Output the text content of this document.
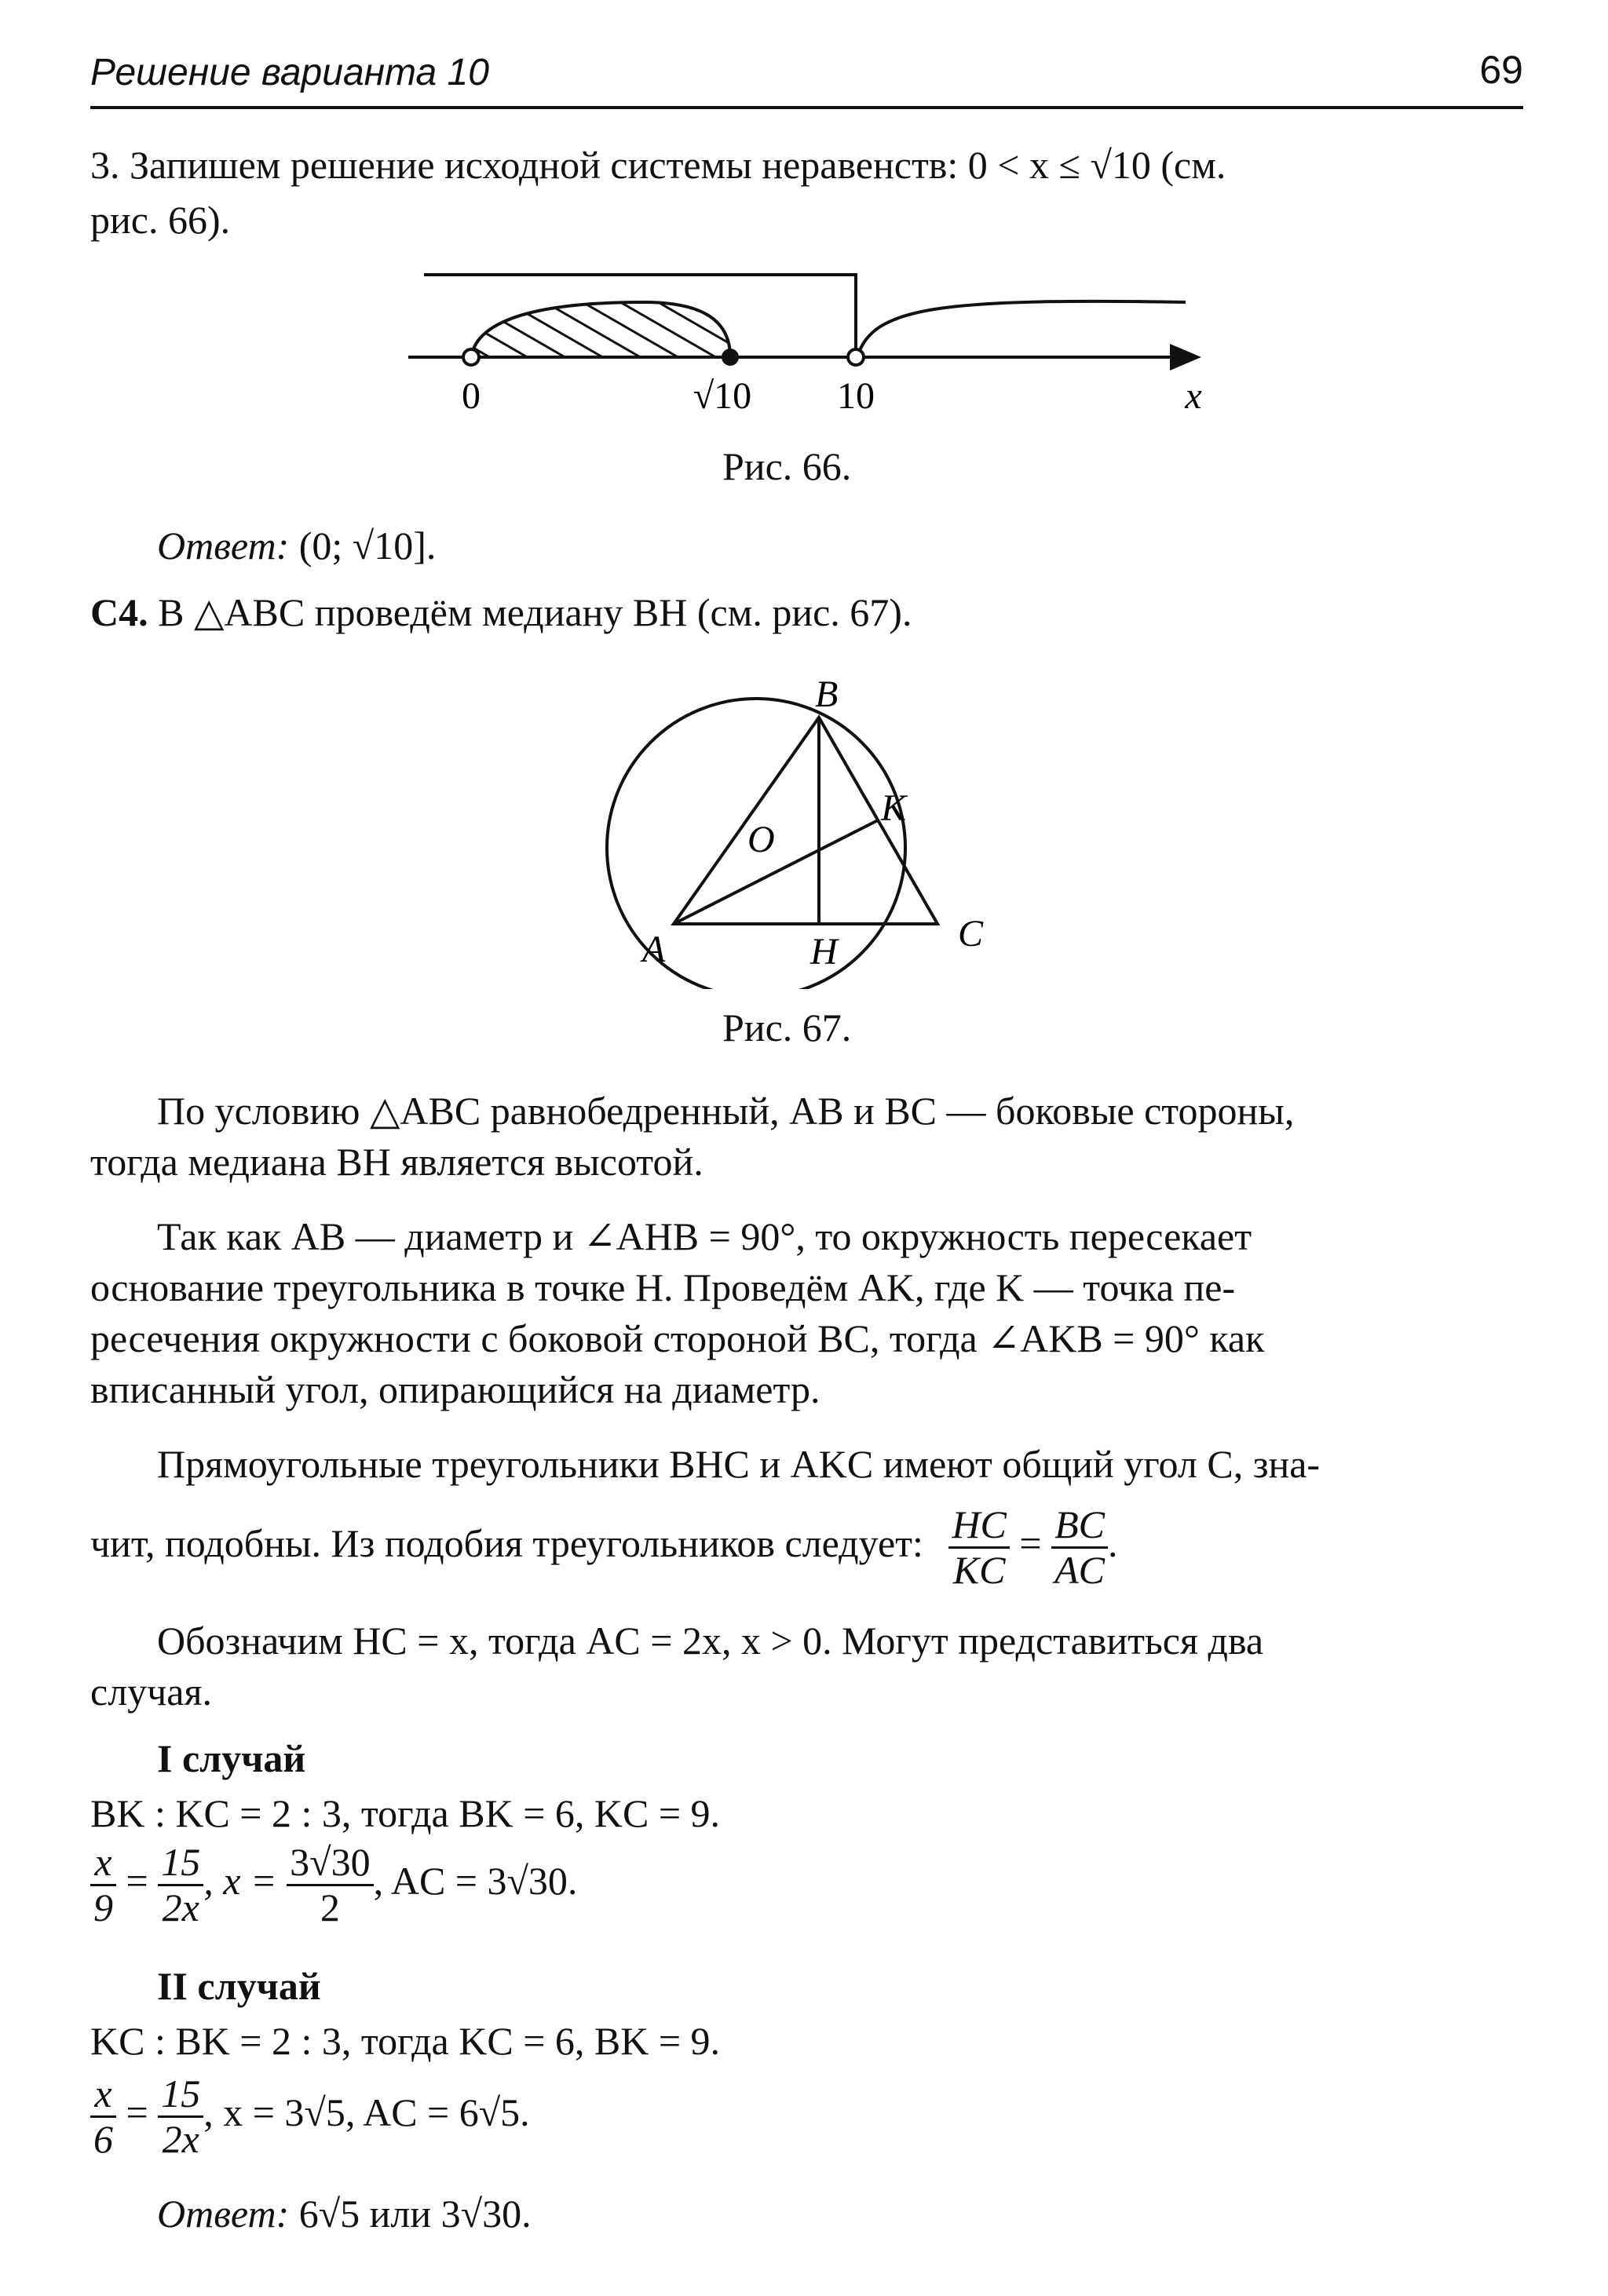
Решение варианта 10	69
3. Запишем решение исходной системы неравенств: 0 < x ≤ √10 (см.
рис. 66).
0	√10 10	x
Рис. 66.
Ответ: (0; √10].
С4. В △ABC проведём медиану BH (см. рис. 67).
B
K
O
A	H	C
Рис. 67.
По условию △ABC равнобедренный, AB и BC — боковые стороны,
тогда медиана BH является высотой.
Так как AB — диаметр и ∠AHB = 90°, то окружность пересекает
основание треугольника в точке H. Проведём AK, где K — точка пе-
ресечения окружности с боковой стороной BC, тогда ∠AKB = 90° как
вписанный угол, опирающийся на диаметр.
Прямоугольные треугольники BHC и AKC имеют общий угол C, зна-
чит, подобны. Из подобия треугольников следует: $\frac{HC}{KC} = \frac{BC}{AC}$ .
Обозначим HC = x, тогда AC = 2x, x > 0. Могут представиться два
случая.
I случай
BK : KC = 2 : 3, тогда BK = 6, KC = 9.
$\frac{x}{9} = \frac{15}{2x}$ , $x = \frac{3√30}{2}$ , AC = 3√30.
II случай
KC : BK = 2 : 3, тогда KC = 6, BK = 9.
$\frac{x}{6} = \frac{15}{2x}$ , x = 3√5, AC = 6√5.
Ответ: 6√5 или 3√30.
